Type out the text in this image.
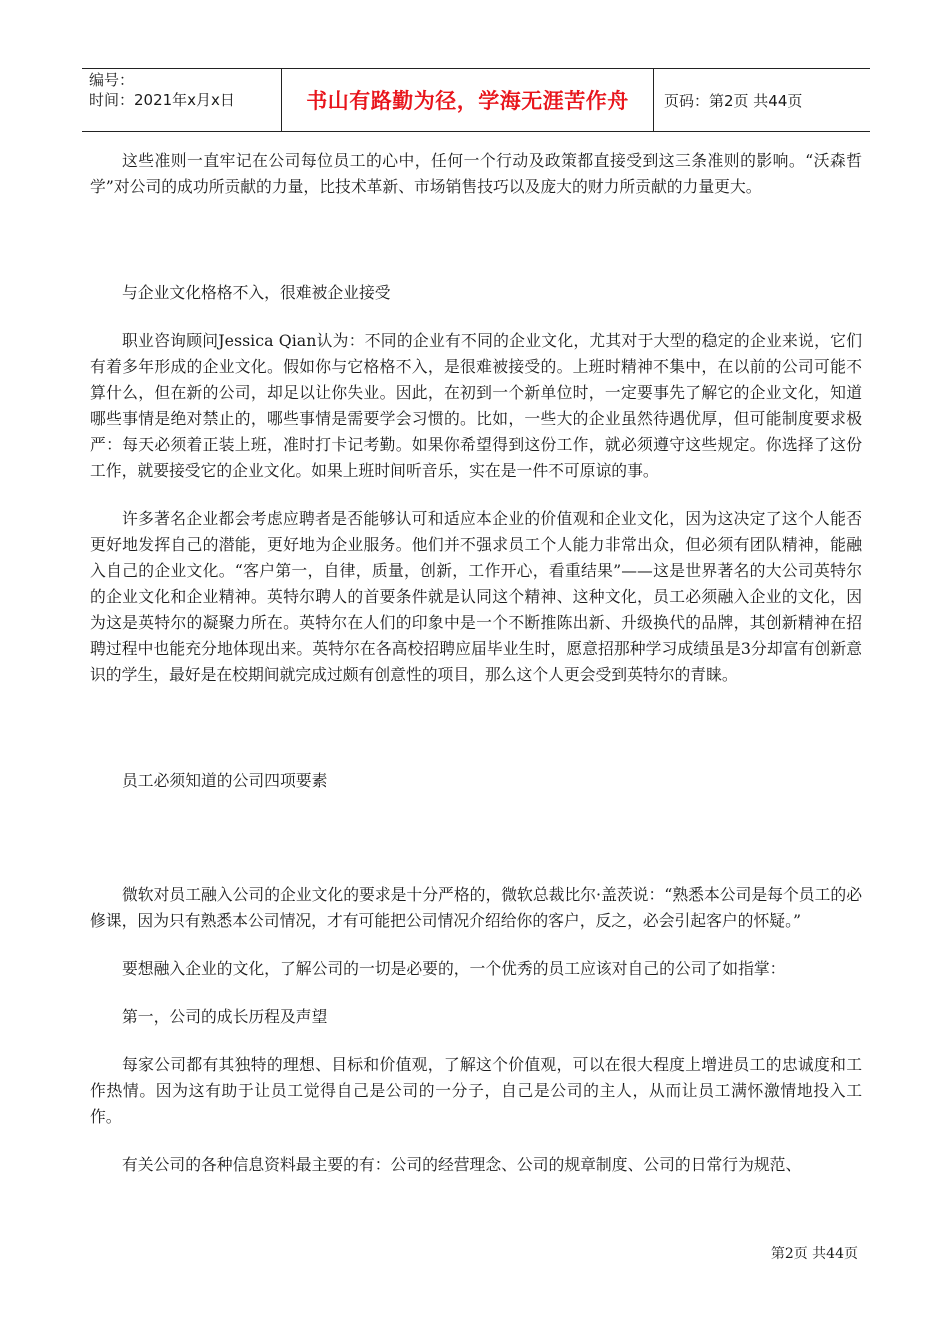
编号：
时间：2021年x月x日	书山有路勤为径，学海无涯苦作舟	页码：第2页 共44页

这些准则一直牢记在公司每位员工的心中，任何一个行动及政策都直接受到这三条准则的影响。“沃森哲学”对公司的成功所贡献的力量，比技术革新、市场销售技巧以及庞大的财力所贡献的力量更大。

与企业文化格格不入，很难被企业接受

职业咨询顾问Jessica Qian认为：不同的企业有不同的企业文化，尤其对于大型的稳定的企业来说，它们有着多年形成的企业文化。假如你与它格格不入，是很难被接受的。上班时精神不集中，在以前的公司可能不算什么，但在新的公司，却足以让你失业。因此，在初到一个新单位时，一定要事先了解它的企业文化，知道哪些事情是绝对禁止的，哪些事情是需要学会习惯的。比如，一些大的企业虽然待遇优厚，但可能制度要求极严：每天必须着正装上班，准时打卡记考勤。如果你希望得到这份工作，就必须遵守这些规定。你选择了这份工作，就要接受它的企业文化。如果上班时间听音乐，实在是一件不可原谅的事。

许多著名企业都会考虑应聘者是否能够认可和适应本企业的价值观和企业文化，因为这决定了这个人能否更好地发挥自己的潜能，更好地为企业服务。他们并不强求员工个人能力非常出众，但必须有团队精神，能融入自己的企业文化。“客户第一，自律，质量，创新，工作开心，看重结果”——这是世界著名的大公司英特尔的企业文化和企业精神。英特尔聘人的首要条件就是认同这个精神、这种文化，员工必须融入企业的文化，因为这是英特尔的凝聚力所在。英特尔在人们的印象中是一个不断推陈出新、升级换代的品牌，其创新精神在招聘过程中也能充分地体现出来。英特尔在各高校招聘应届毕业生时，愿意招那种学习成绩虽是3分却富有创新意识的学生，最好是在校期间就完成过颇有创意性的项目，那么这个人更会受到英特尔的青睐。

员工必须知道的公司四项要素

微软对员工融入公司的企业文化的要求是十分严格的，微软总裁比尔·盖茨说：“熟悉本公司是每个员工的必修课，因为只有熟悉本公司情况，才有可能把公司情况介绍给你的客户，反之，必会引起客户的怀疑。”

要想融入企业的文化，了解公司的一切是必要的，一个优秀的员工应该对自己的公司了如指掌：

第一，公司的成长历程及声望

每家公司都有其独特的理想、目标和价值观，了解这个价值观，可以在很大程度上增进员工的忠诚度和工作热情。因为这有助于让员工觉得自己是公司的一分子，自己是公司的主人，从而让员工满怀激情地投入工作。

有关公司的各种信息资料最主要的有：公司的经营理念、公司的规章制度、公司的日常行为规范、

第2页 共44页
